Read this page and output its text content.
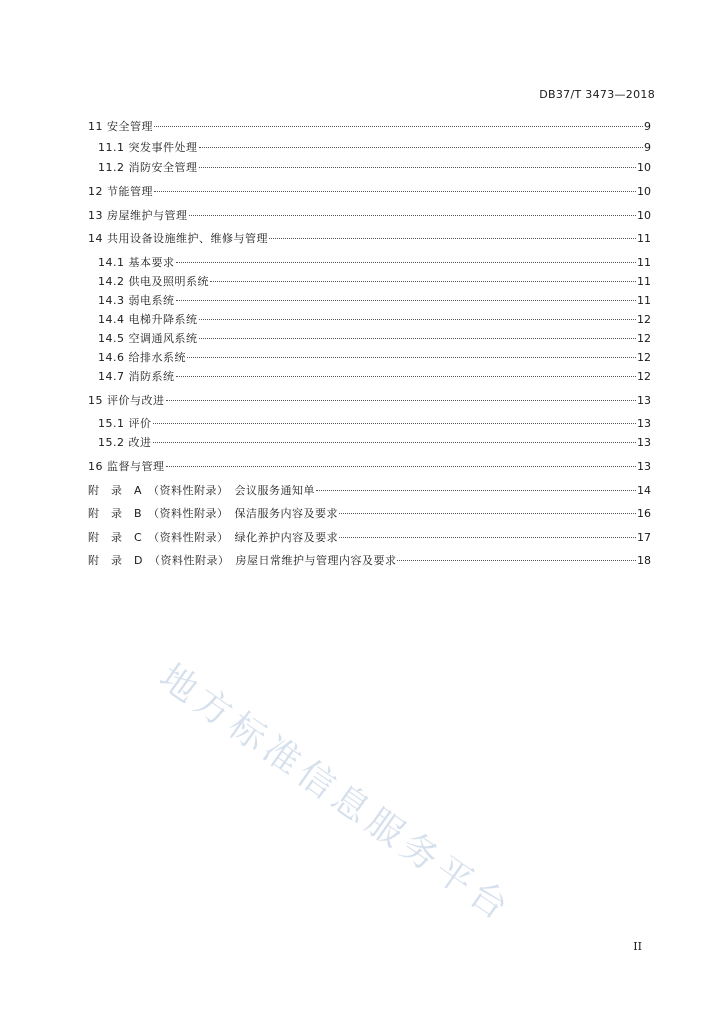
DB37/T 3473—2018
11 安全管理	9
11.1 突发事件处理	9
11.2 消防安全管理	10
12 节能管理	10
13 房屋维护与管理	10
14 共用设备设施维护、维修与管理	11
14.1 基本要求	11
14.2 供电及照明系统	11
14.3 弱电系统	11
14.4 电梯升降系统	12
14.5 空调通风系统	12
14.6 给排水系统	12
14.7 消防系统	12
15 评价与改进	13
15.1 评价	13
15.2 改进	13
16 监督与管理	13
附　录　A　（资料性附录）　会议服务通知单	14
附　录　B　（资料性附录）　保洁服务内容及要求	16
附　录　C　（资料性附录）　绿化养护内容及要求	17
附　录　D　（资料性附录）　房屋日常维护与管理内容及要求	18
地方标准信息服务平台
II
